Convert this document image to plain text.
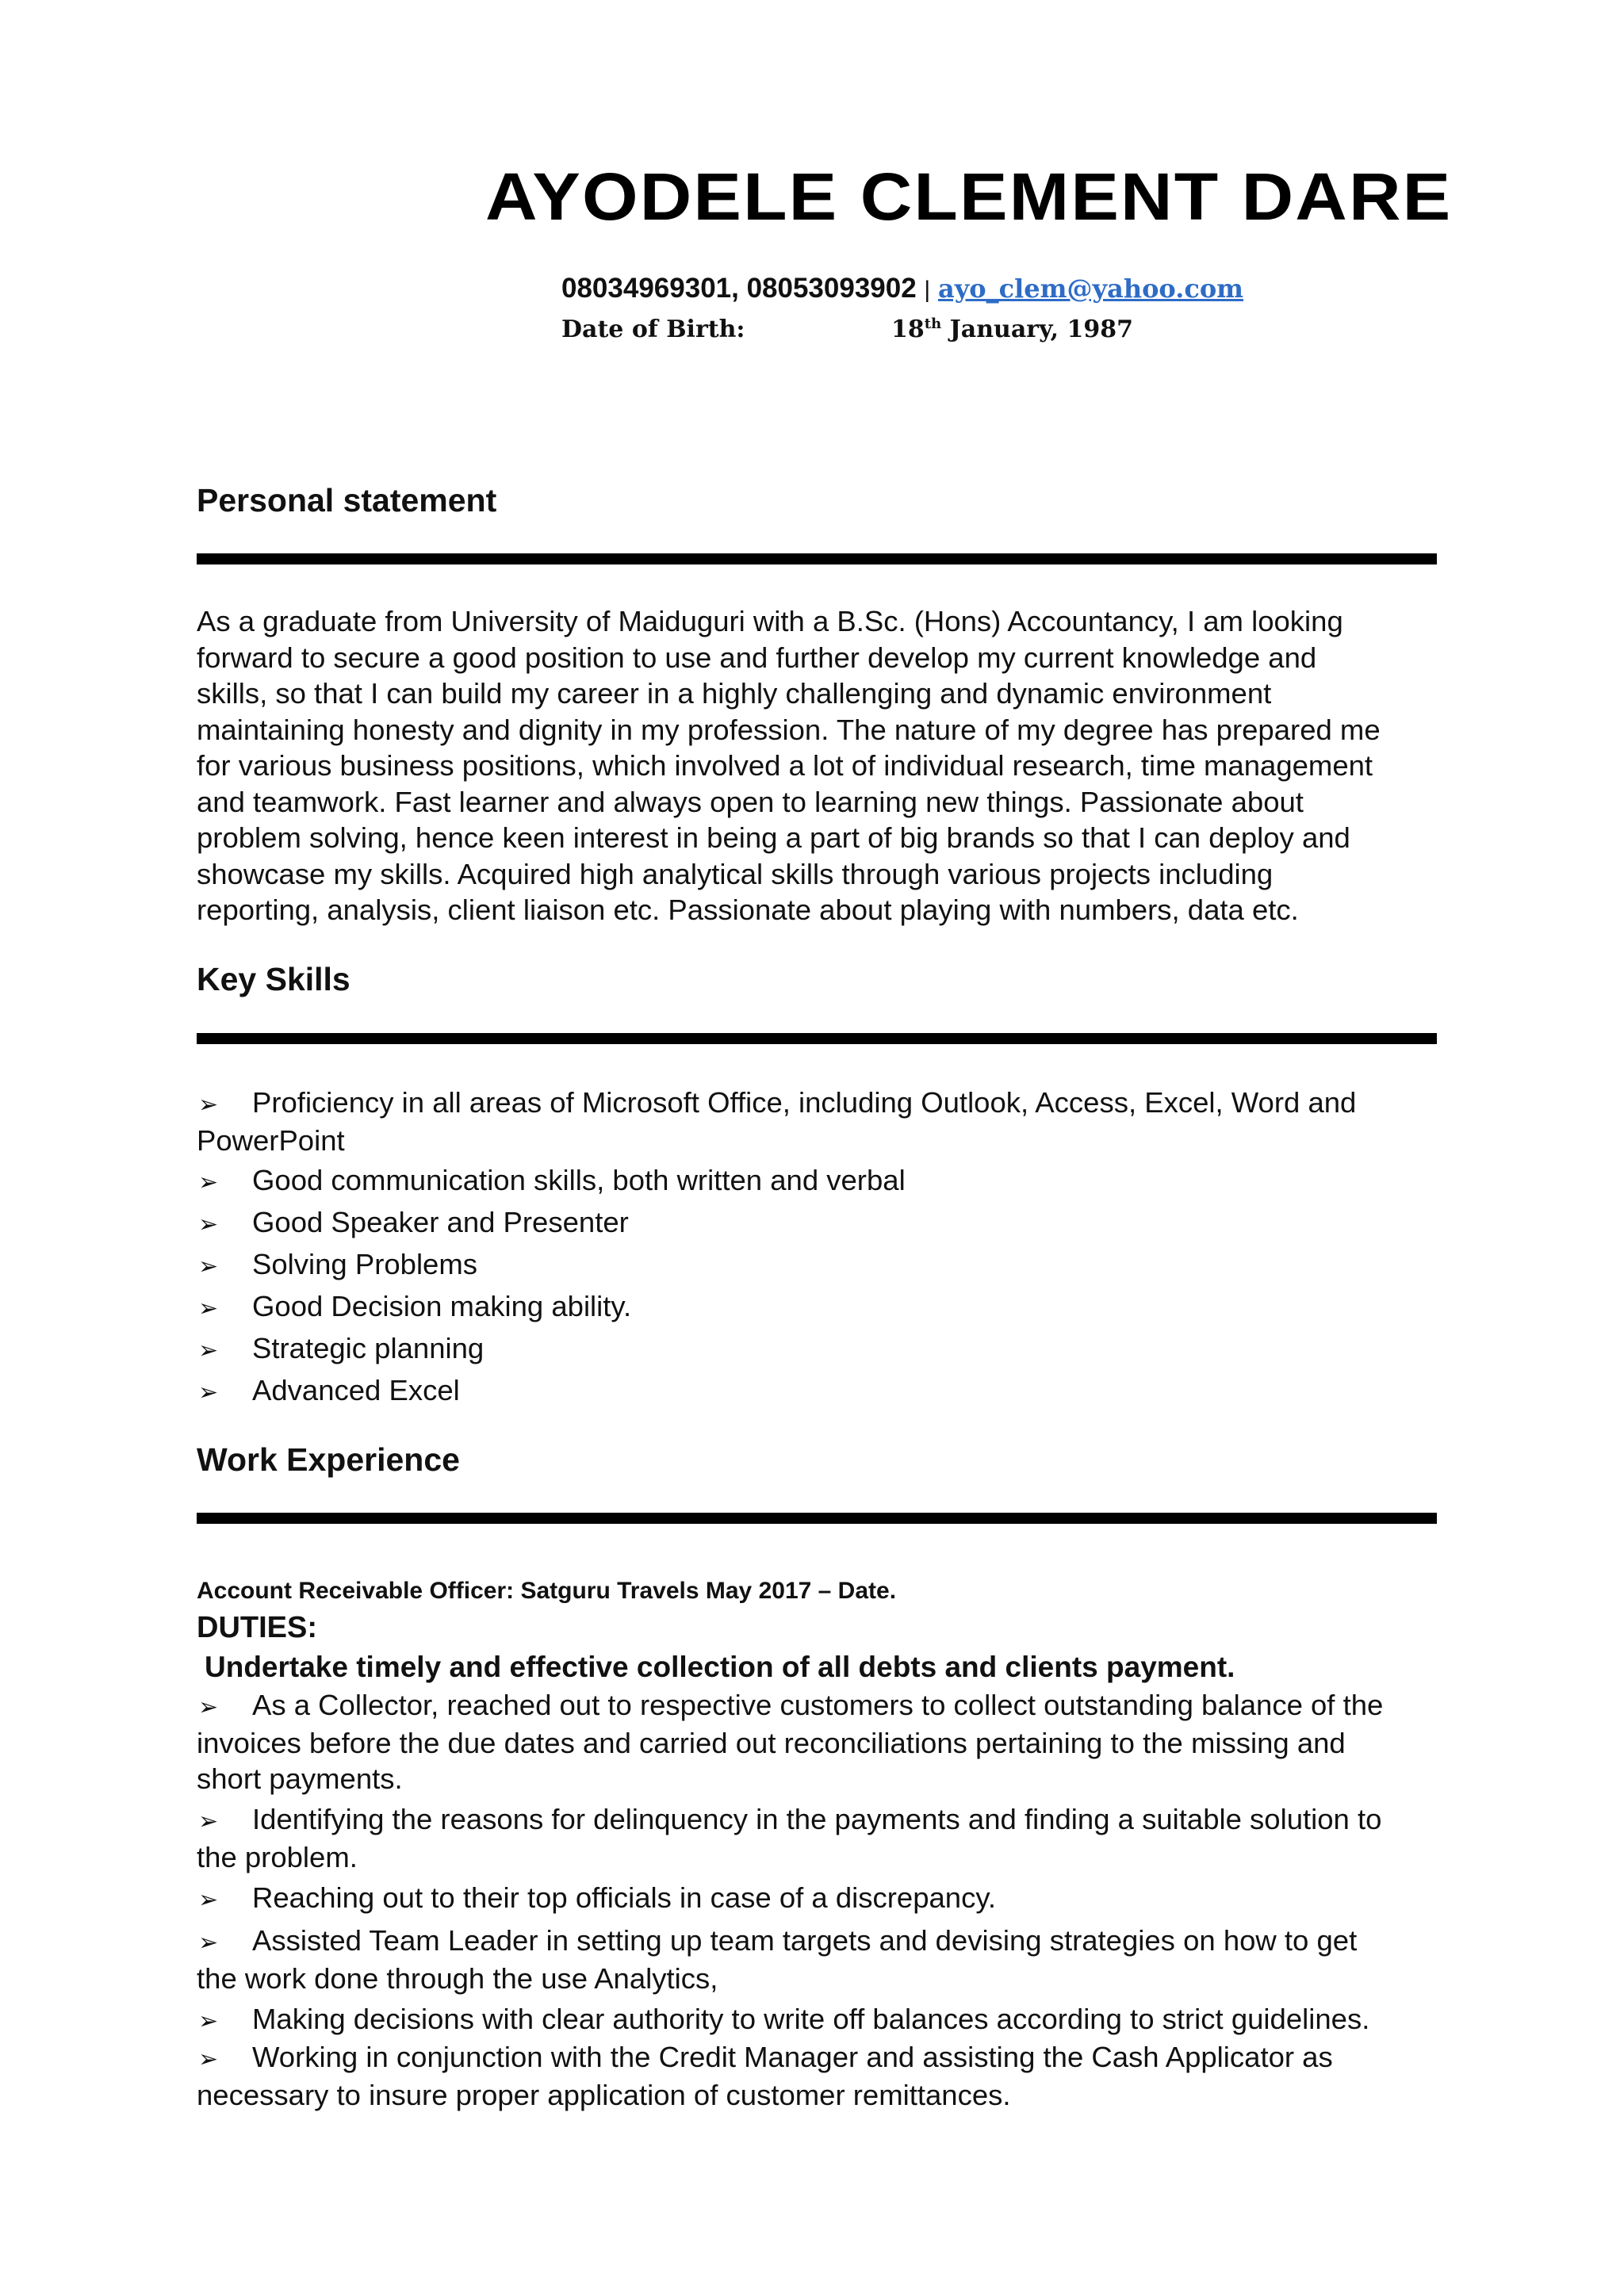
AYODELE CLEMENT DARE
08034969301, 08053093902 | ayo_clem@yahoo.com
Date of Birth:	18th January, 1987
Personal statement

As a graduate from University of Maiduguri with a B.Sc. (Hons) Accountancy, I am looking
forward to secure a good position to use and further develop my current knowledge and
skills, so that I can build my career in a highly challenging and dynamic environment
maintaining honesty and dignity in my profession. The nature of my degree has prepared me
for various business positions, which involved a lot of individual research, time management
and teamwork. Fast learner and always open to learning new things. Passionate about
problem solving, hence keen interest in being a part of big brands so that I can deploy and
showcase my skills. Acquired high analytical skills through various projects including
reporting, analysis, client liaison etc. Passionate about playing with numbers, data etc.

Key Skills
➢ Proficiency in all areas of Microsoft Office, including Outlook, Access, Excel, Word and
PowerPoint
➢ Good communication skills, both written and verbal
➢ Good Speaker and Presenter
➢ Solving Problems
➢ Good Decision making ability.
➢ Strategic planning
➢ Advanced Excel
Work Experience
Account Receivable Officer: Satguru Travels May 2017 – Date.
DUTIES:
Undertake timely and effective collection of all debts and clients payment.
➢ As a Collector, reached out to respective customers to collect outstanding balance of the
invoices before the due dates and carried out reconciliations pertaining to the missing and
short payments.
➢ Identifying the reasons for delinquency in the payments and finding a suitable solution to
the problem.
➢ Reaching out to their top officials in case of a discrepancy.
➢ Assisted Team Leader in setting up team targets and devising strategies on how to get
the work done through the use Analytics,
➢ Making decisions with clear authority to write off balances according to strict guidelines.
➢ Working in conjunction with the Credit Manager and assisting the Cash Applicator as
necessary to insure proper application of customer remittances.
